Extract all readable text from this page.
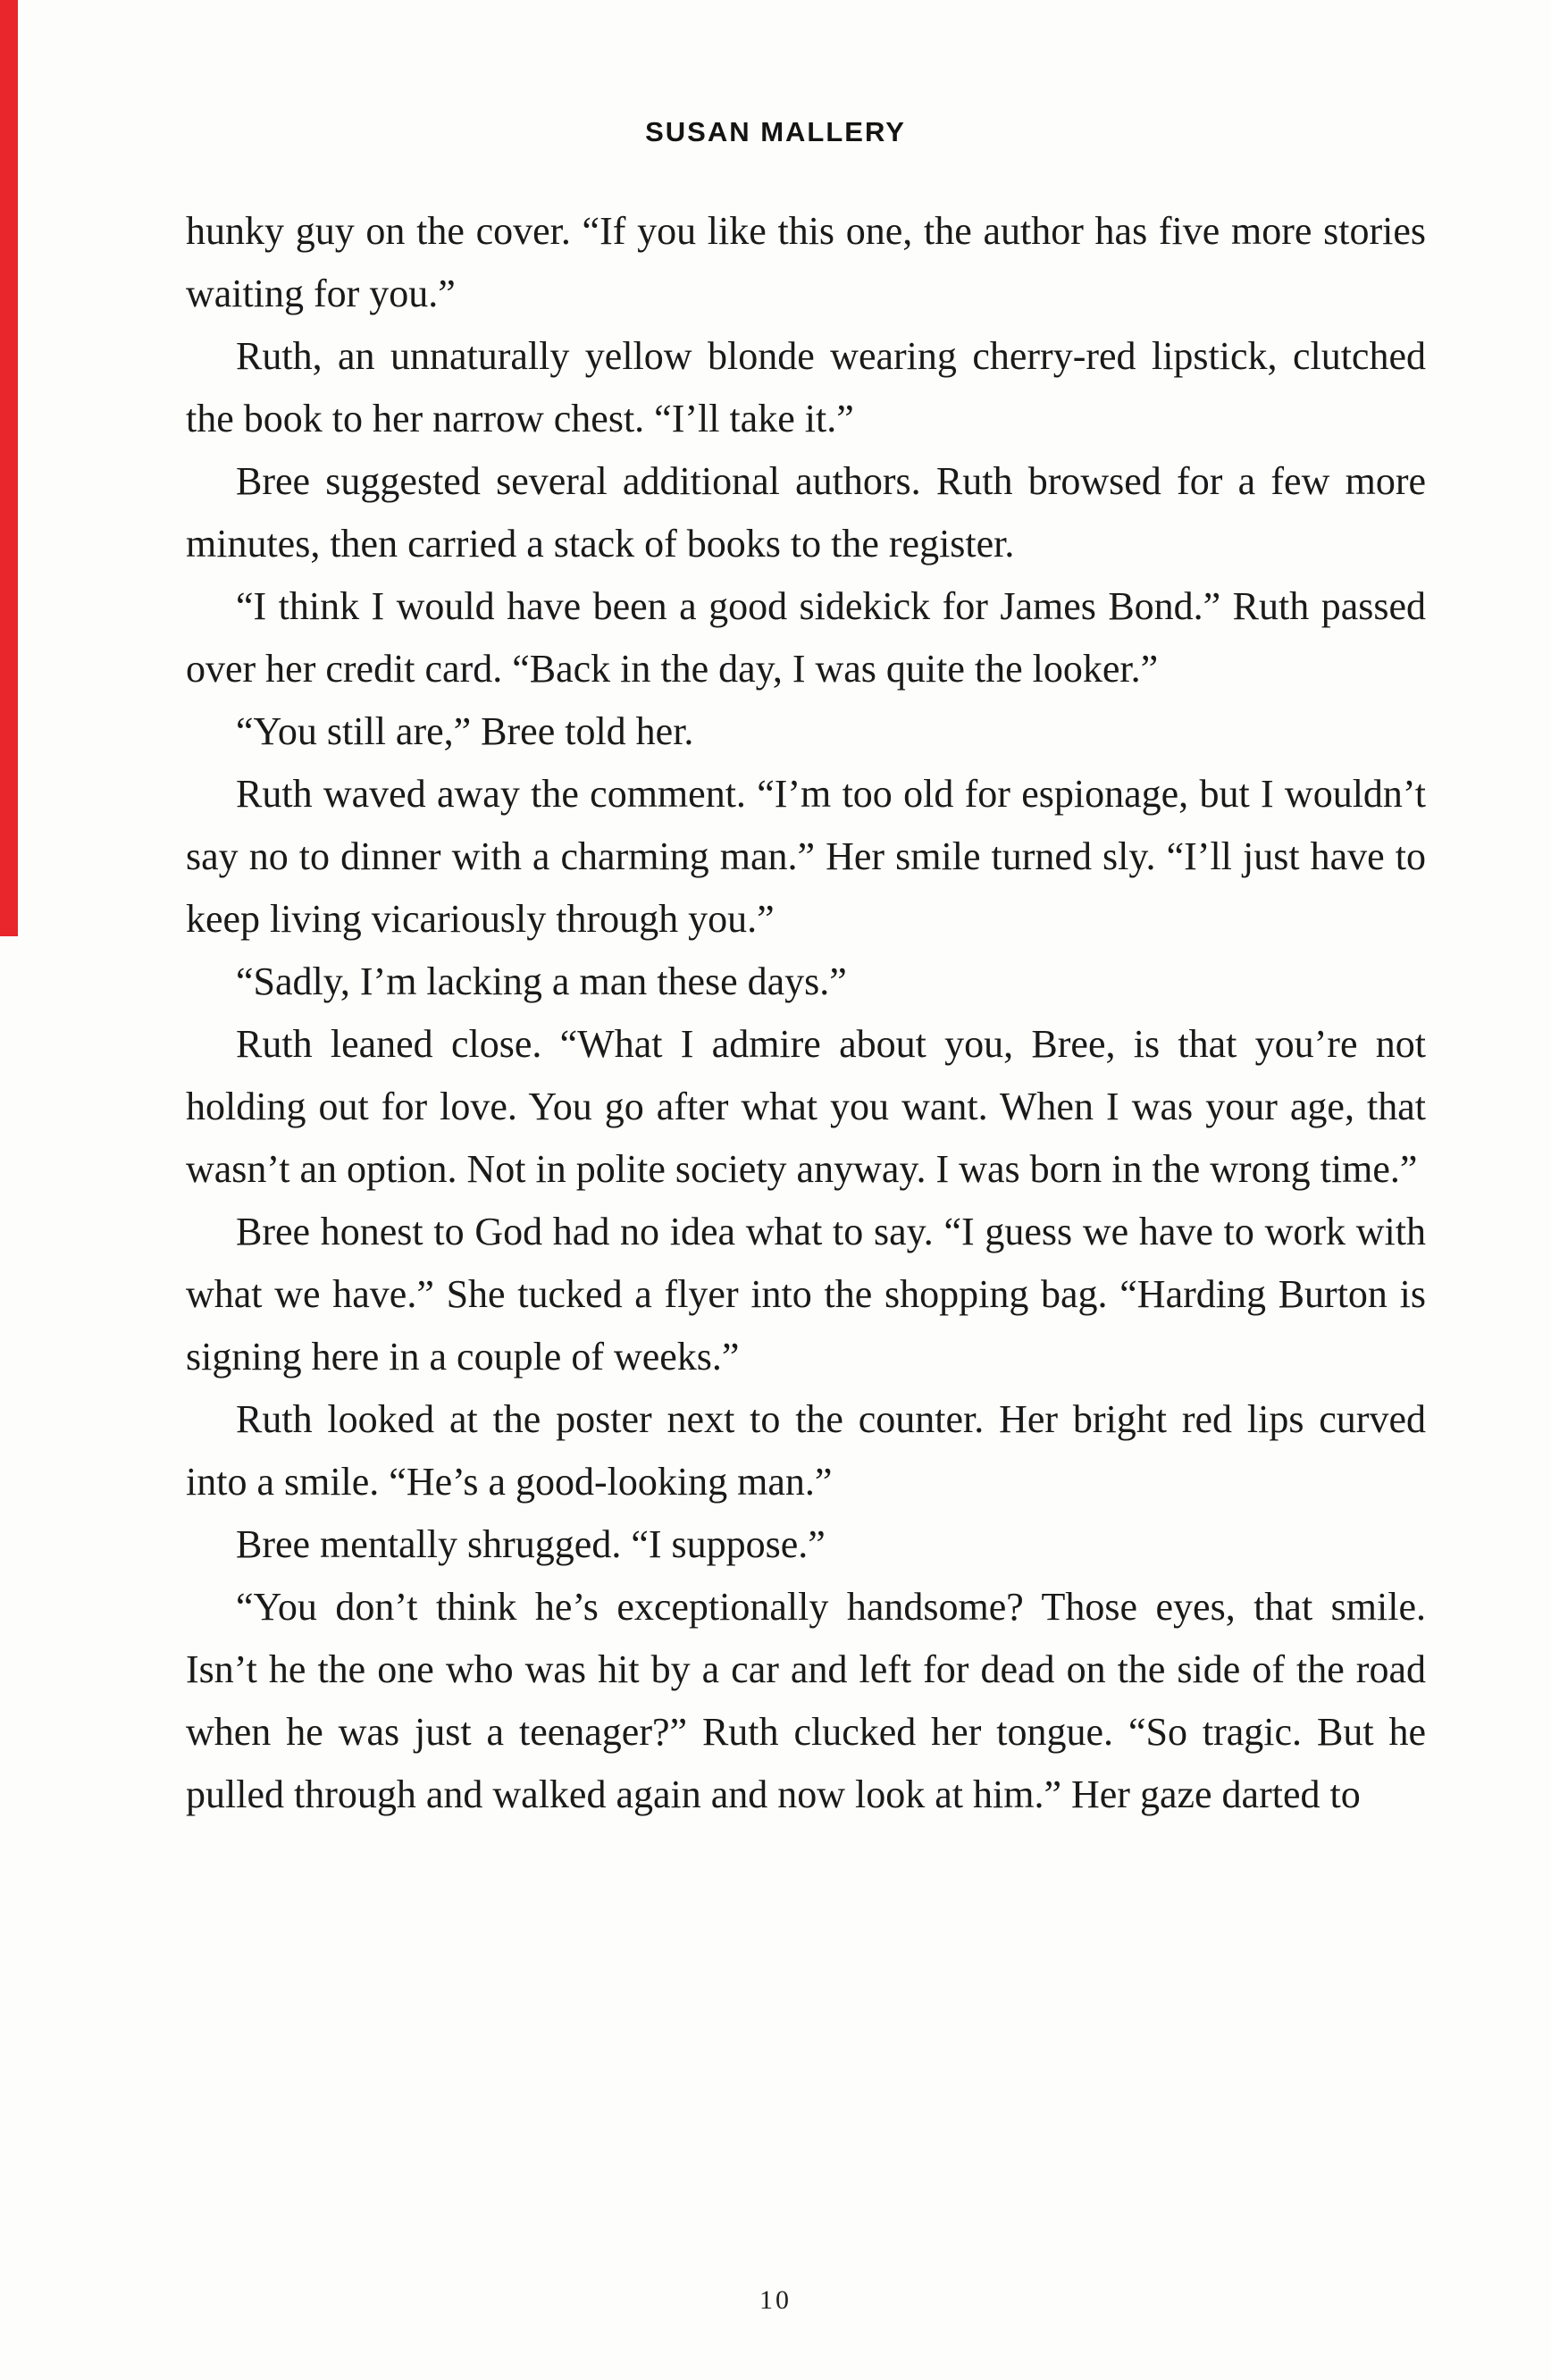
SUSAN MALLERY

hunky guy on the cover. “If you like this one, the author has five more stories waiting for you.”

Ruth, an unnaturally yellow blonde wearing cherry-red lipstick, clutched the book to her narrow chest. “I’ll take it.”

Bree suggested several additional authors. Ruth browsed for a few more minutes, then carried a stack of books to the register.

“I think I would have been a good sidekick for James Bond.” Ruth passed over her credit card. “Back in the day, I was quite the looker.”

“You still are,” Bree told her.

Ruth waved away the comment. “I’m too old for espionage, but I wouldn’t say no to dinner with a charming man.” Her smile turned sly. “I’ll just have to keep living vicariously through you.”

“Sadly, I’m lacking a man these days.”

Ruth leaned close. “What I admire about you, Bree, is that you’re not holding out for love. You go after what you want. When I was your age, that wasn’t an option. Not in polite society anyway. I was born in the wrong time.”

Bree honest to God had no idea what to say. “I guess we have to work with what we have.” She tucked a flyer into the shopping bag. “Harding Burton is signing here in a couple of weeks.”

Ruth looked at the poster next to the counter. Her bright red lips curved into a smile. “He’s a good-looking man.”

Bree mentally shrugged. “I suppose.”

“You don’t think he’s exceptionally handsome? Those eyes, that smile. Isn’t he the one who was hit by a car and left for dead on the side of the road when he was just a teenager?” Ruth clucked her tongue. “So tragic. But he pulled through and walked again and now look at him.” Her gaze darted to

10
